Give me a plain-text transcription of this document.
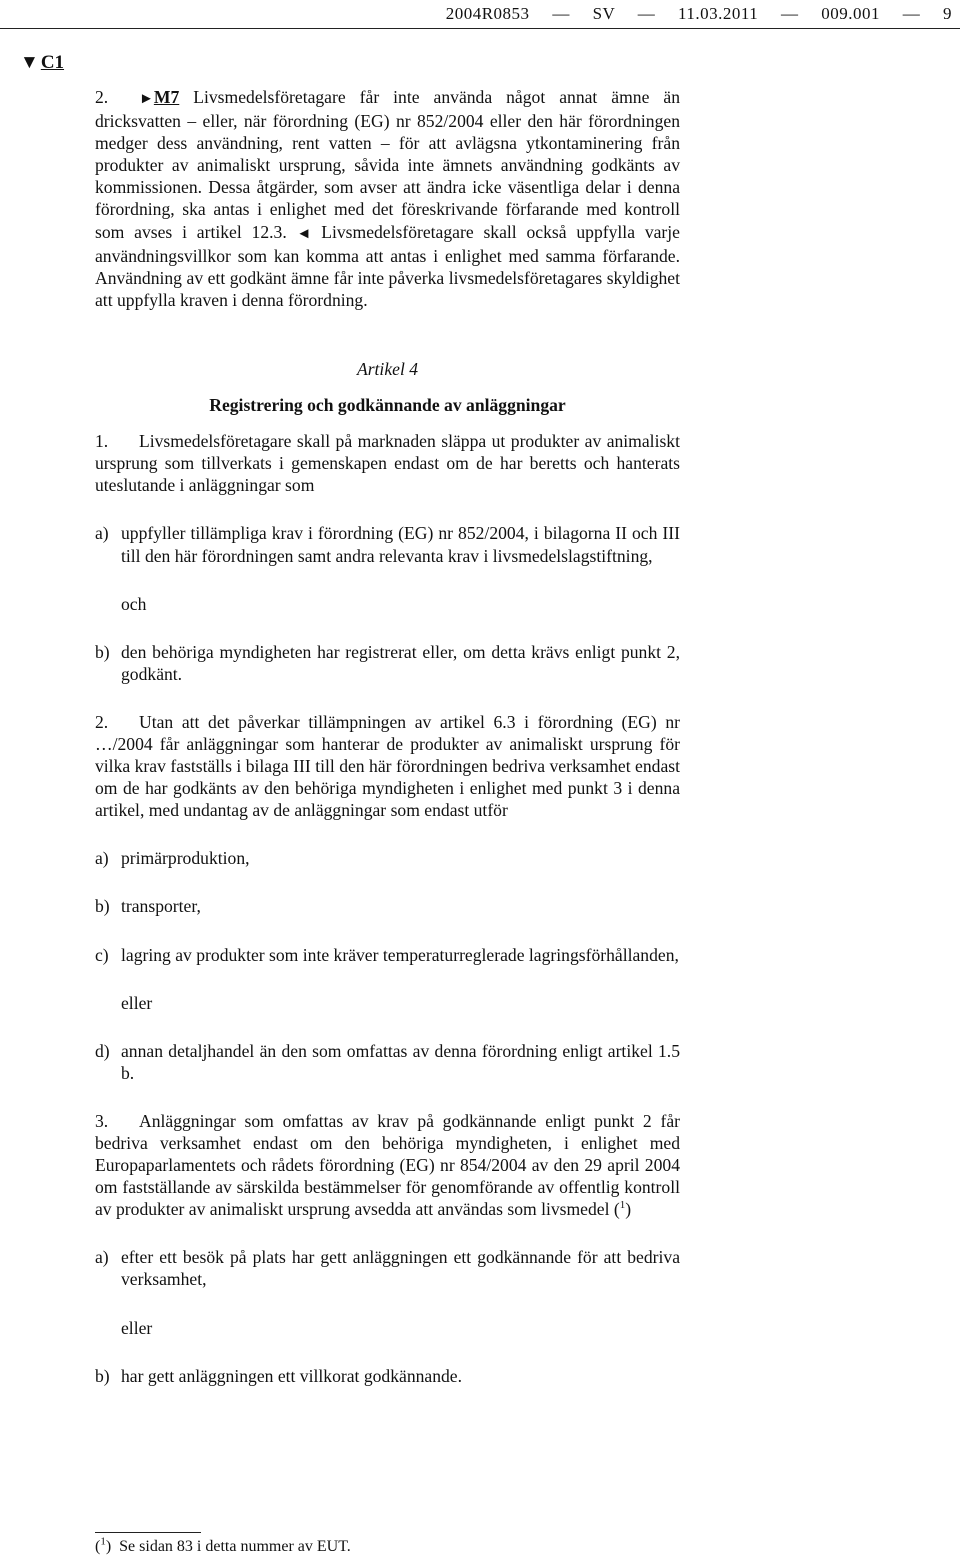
2004R0853 — SV — 11.03.2011 — 009.001 — 9
▼ C1

2. ►M7 Livsmedelsföretagare får inte använda något annat ämne än dricksvatten – eller, när förordning (EG) nr 852/2004 eller den här förordningen medger dess användning, rent vatten – för att avlägsna ytkontaminering från produkter av animaliskt ursprung, såvida inte ämnets användning godkänts av kommissionen. Dessa åtgärder, som avser att ändra icke väsentliga delar i denna förordning, ska antas i enlighet med det föreskrivande förfarande med kontroll som avses i artikel 12.3. ◄ Livsmedelsföretagare skall också uppfylla varje användningsvillkor som kan komma att antas i enlighet med samma förfarande. Användning av ett godkänt ämne får inte påverka livsmedelsföretagares skyldighet att uppfylla kraven i denna förordning.

Artikel 4

Registrering och godkännande av anläggningar

1. Livsmedelsföretagare skall på marknaden släppa ut produkter av animaliskt ursprung som tillverkats i gemenskapen endast om de har beretts och hanterats uteslutande i anläggningar som

a) uppfyller tillämpliga krav i förordning (EG) nr 852/2004, i bilagorna II och III till den här förordningen samt andra relevanta krav i livsmedelslagstiftning,

och

b) den behöriga myndigheten har registrerat eller, om detta krävs enligt punkt 2, godkänt.

2. Utan att det påverkar tillämpningen av artikel 6.3 i förordning (EG) nr …/2004 får anläggningar som hanterar de produkter av animaliskt ursprung för vilka krav fastställs i bilaga III till den här förordningen bedriva verksamhet endast om de har godkänts av den behöriga myndigheten i enlighet med punkt 3 i denna artikel, med undantag av de anläggningar som endast utför

a) primärproduktion,
b) transporter,
c) lagring av produkter som inte kräver temperaturreglerade lagringsförhållanden,

eller

d) annan detaljhandel än den som omfattas av denna förordning enligt artikel 1.5 b.

3. Anläggningar som omfattas av krav på godkännande enligt punkt 2 får bedriva verksamhet endast om den behöriga myndigheten, i enlighet med Europaparlamentets och rådets förordning (EG) nr 854/2004 av den 29 april 2004 om fastställande av särskilda bestämmelser för genomförande av offentlig kontroll av produkter av animaliskt ursprung avsedda att användas som livsmedel ($^1$)

a) efter ett besök på plats har gett anläggningen ett godkännande för att bedriva verksamhet,

eller

b) har gett anläggningen ett villkorat godkännande.
($^1$) Se sidan 83 i detta nummer av EUT.
